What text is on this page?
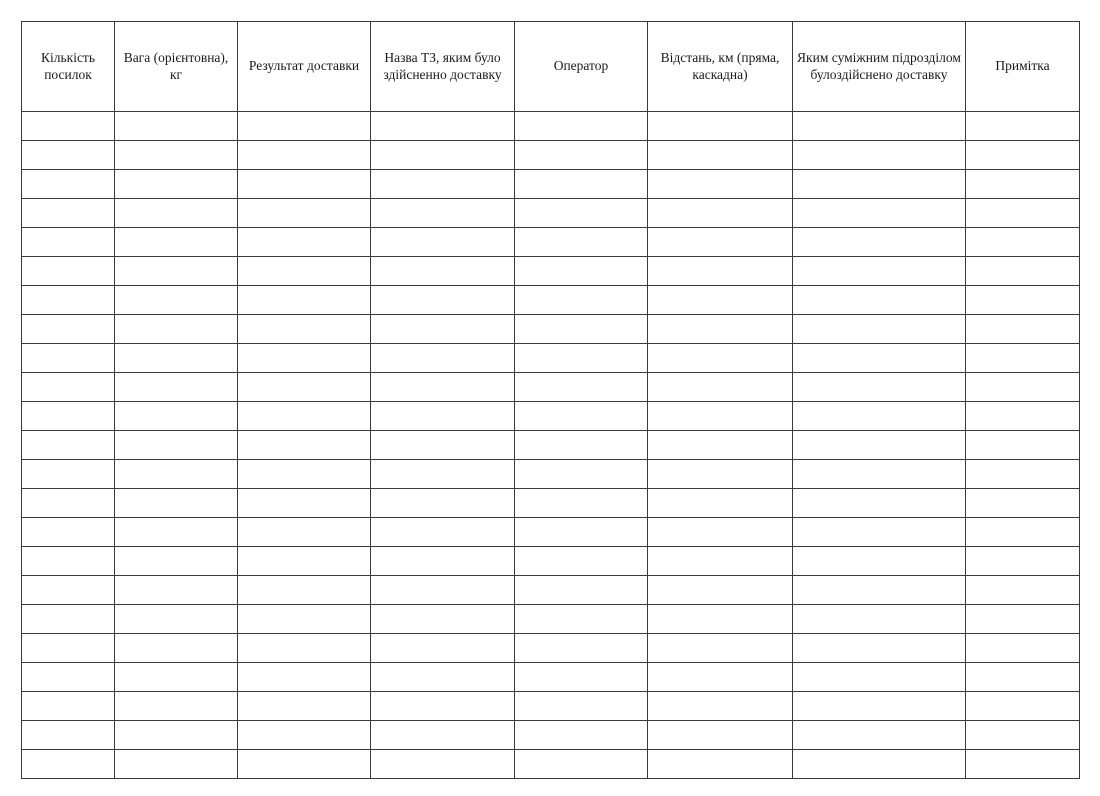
Кількість посилок	Вага (орієнтовна), кг	Результат доставки	Назва ТЗ, яким було здійсненно доставку	Оператор	Відстань, км (пряма, каскадна)	Яким суміжним підрозділом булоздійснено доставку	Примітка
